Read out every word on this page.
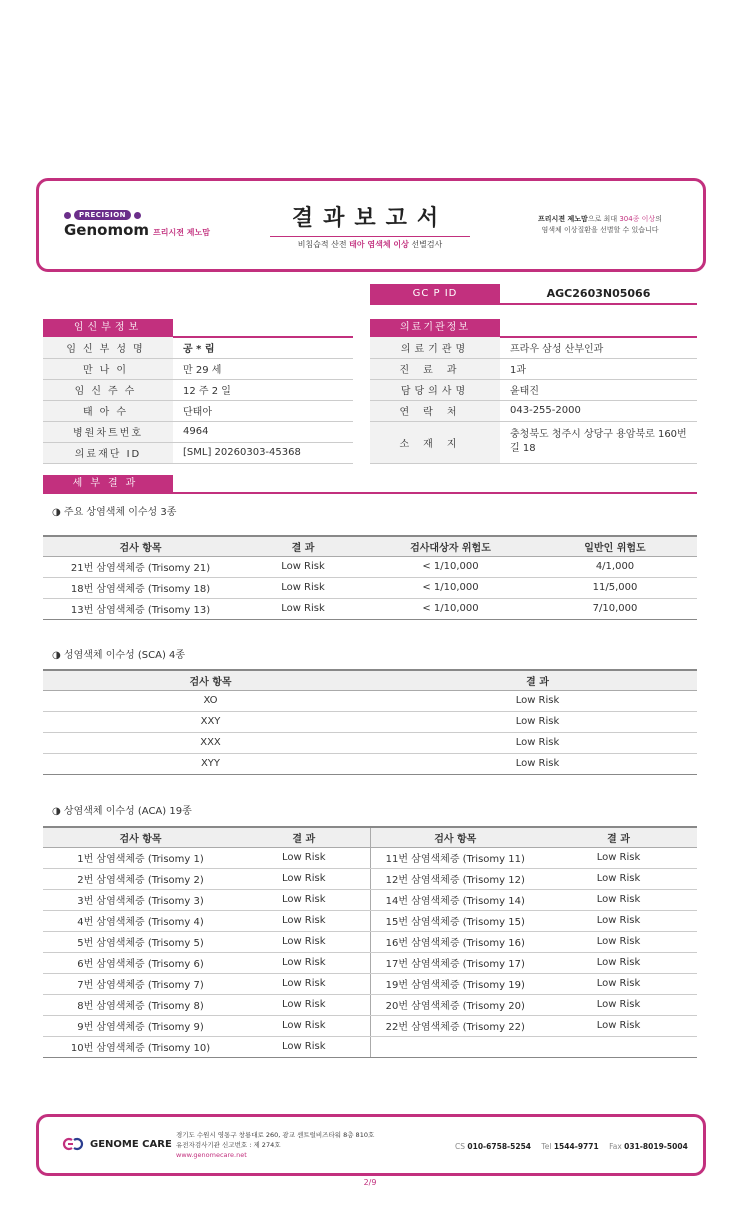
PRECISION
Genomom 프리시젼 제노맘
결과보고서
비침습적 산전 태아 염색체 이상 선별검사
프리시젼 제노맘으로 최대 304종 이상의
염색체 이상질환을 선별할 수 있습니다
GC P ID	AGC2603N05066
임신부정보
임신부성명	공 * 림
만나이	만 29 세
임신주수	12 주 2 일
태아수	단태아
병원차트번호	4964
의료재단 ID	[SML] 20260303-45368
의료기관정보
의료기관명	프라우 삼성 산부인과
진료과	1과
담당의사명	윤태진
연락처	043-255-2000
소재지	충청북도 청주시 상당구 용암북로 160번길 18
세부결과
◑ 주요 상염색체 이수성 3종
검사 항목	결 과	검사대상자 위험도	일반인 위험도
21번 삼염색체증 (Trisomy 21)	Low Risk	< 1/10,000	4/1,000
18번 삼염색체증 (Trisomy 18)	Low Risk	< 1/10,000	11/5,000
13번 삼염색체증 (Trisomy 13)	Low Risk	< 1/10,000	7/10,000
◑ 성염색체 이수성 (SCA) 4종
검사 항목	결 과
XO	Low Risk
XXY	Low Risk
XXX	Low Risk
XYY	Low Risk
◑ 상염색체 이수성 (ACA) 19종
검사 항목	결 과	검사 항목	결 과
1번 삼염색체증 (Trisomy 1)	Low Risk	11번 삼염색체증 (Trisomy 11)	Low Risk
2번 삼염색체증 (Trisomy 2)	Low Risk	12번 삼염색체증 (Trisomy 12)	Low Risk
3번 삼염색체증 (Trisomy 3)	Low Risk	14번 삼염색체증 (Trisomy 14)	Low Risk
4번 삼염색체증 (Trisomy 4)	Low Risk	15번 삼염색체증 (Trisomy 15)	Low Risk
5번 삼염색체증 (Trisomy 5)	Low Risk	16번 삼염색체증 (Trisomy 16)	Low Risk
6번 삼염색체증 (Trisomy 6)	Low Risk	17번 삼염색체증 (Trisomy 17)	Low Risk
7번 삼염색체증 (Trisomy 7)	Low Risk	19번 삼염색체증 (Trisomy 19)	Low Risk
8번 삼염색체증 (Trisomy 8)	Low Risk	20번 삼염색체증 (Trisomy 20)	Low Risk
9번 삼염색체증 (Trisomy 9)	Low Risk	22번 삼염색체증 (Trisomy 22)	Low Risk
10번 삼염색체증 (Trisomy 10)	Low Risk		
GENOME CARE
경기도 수원시 영통구 창룡대로 260, 광교 센트럴비즈타워 8층 810호
유전자검사기관 신고번호 : 제 274호
www.genomecare.net
CS 010-6758-5254 Tel 1544-9771 Fax 031-8019-5004
2/9
